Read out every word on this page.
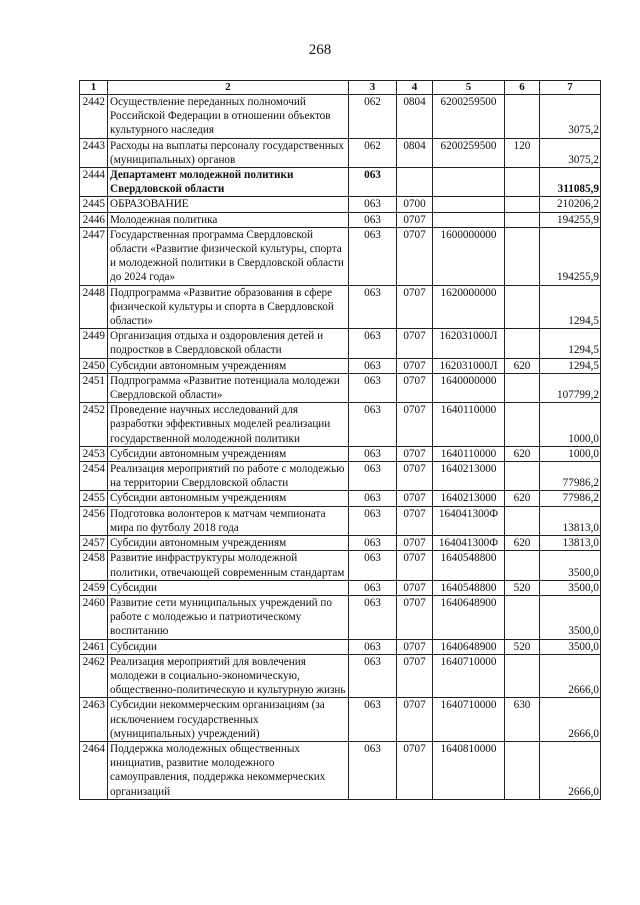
268
1	2	3	4	5	6	7
2442	Осуществление переданных полномочий Российской Федерации в отношении объектов культурного наследия	062	0804	6200259500		3075,2
2443	Расходы на выплаты персоналу государственных (муниципальных) органов	062	0804	6200259500	120	3075,2
2444	Департамент молодежной политики Свердловской области	063				311085,9
2445	ОБРАЗОВАНИЕ	063	0700			210206,2
2446	Молодежная политика	063	0707			194255,9
2447	Государственная программа Свердловской области «Развитие физической культуры, спорта и молодежной политики в Свердловской области до 2024 года»	063	0707	1600000000		194255,9
2448	Подпрограмма «Развитие образования в сфере физической культуры и спорта в Свердловской области»	063	0707	1620000000		1294,5
2449	Организация отдыха и оздоровления детей и подростков в Свердловской области	063	0707	162031000Л		1294,5
2450	Субсидии автономным учреждениям	063	0707	162031000Л	620	1294,5
2451	Подпрограмма «Развитие потенциала молодежи Свердловской области»	063	0707	1640000000		107799,2
2452	Проведение научных исследований для разработки эффективных моделей реализации государственной молодежной политики	063	0707	1640110000		1000,0
2453	Субсидии автономным учреждениям	063	0707	1640110000	620	1000,0
2454	Реализация мероприятий по работе с молодежью на территории Свердловской области	063	0707	1640213000		77986,2
2455	Субсидии автономным учреждениям	063	0707	1640213000	620	77986,2
2456	Подготовка волонтеров к матчам чемпионата мира по футболу 2018 года	063	0707	164041300Ф		13813,0
2457	Субсидии автономным учреждениям	063	0707	164041300Ф	620	13813,0
2458	Развитие инфраструктуры молодежной политики, отвечающей современным стандартам	063	0707	1640548800		3500,0
2459	Субсидии	063	0707	1640548800	520	3500,0
2460	Развитие сети муниципальных учреждений по работе с молодежью и патриотическому воспитанию	063	0707	1640648900		3500,0
2461	Субсидии	063	0707	1640648900	520	3500,0
2462	Реализация мероприятий для вовлечения молодежи в социально-экономическую, общественно-политическую и культурную жизнь	063	0707	1640710000		2666,0
2463	Субсидии некоммерческим организациям (за исключением государственных (муниципальных) учреждений)	063	0707	1640710000	630	2666,0
2464	Поддержка молодежных общественных инициатив, развитие молодежного самоуправления, поддержка некоммерческих организаций	063	0707	1640810000		2666,0
